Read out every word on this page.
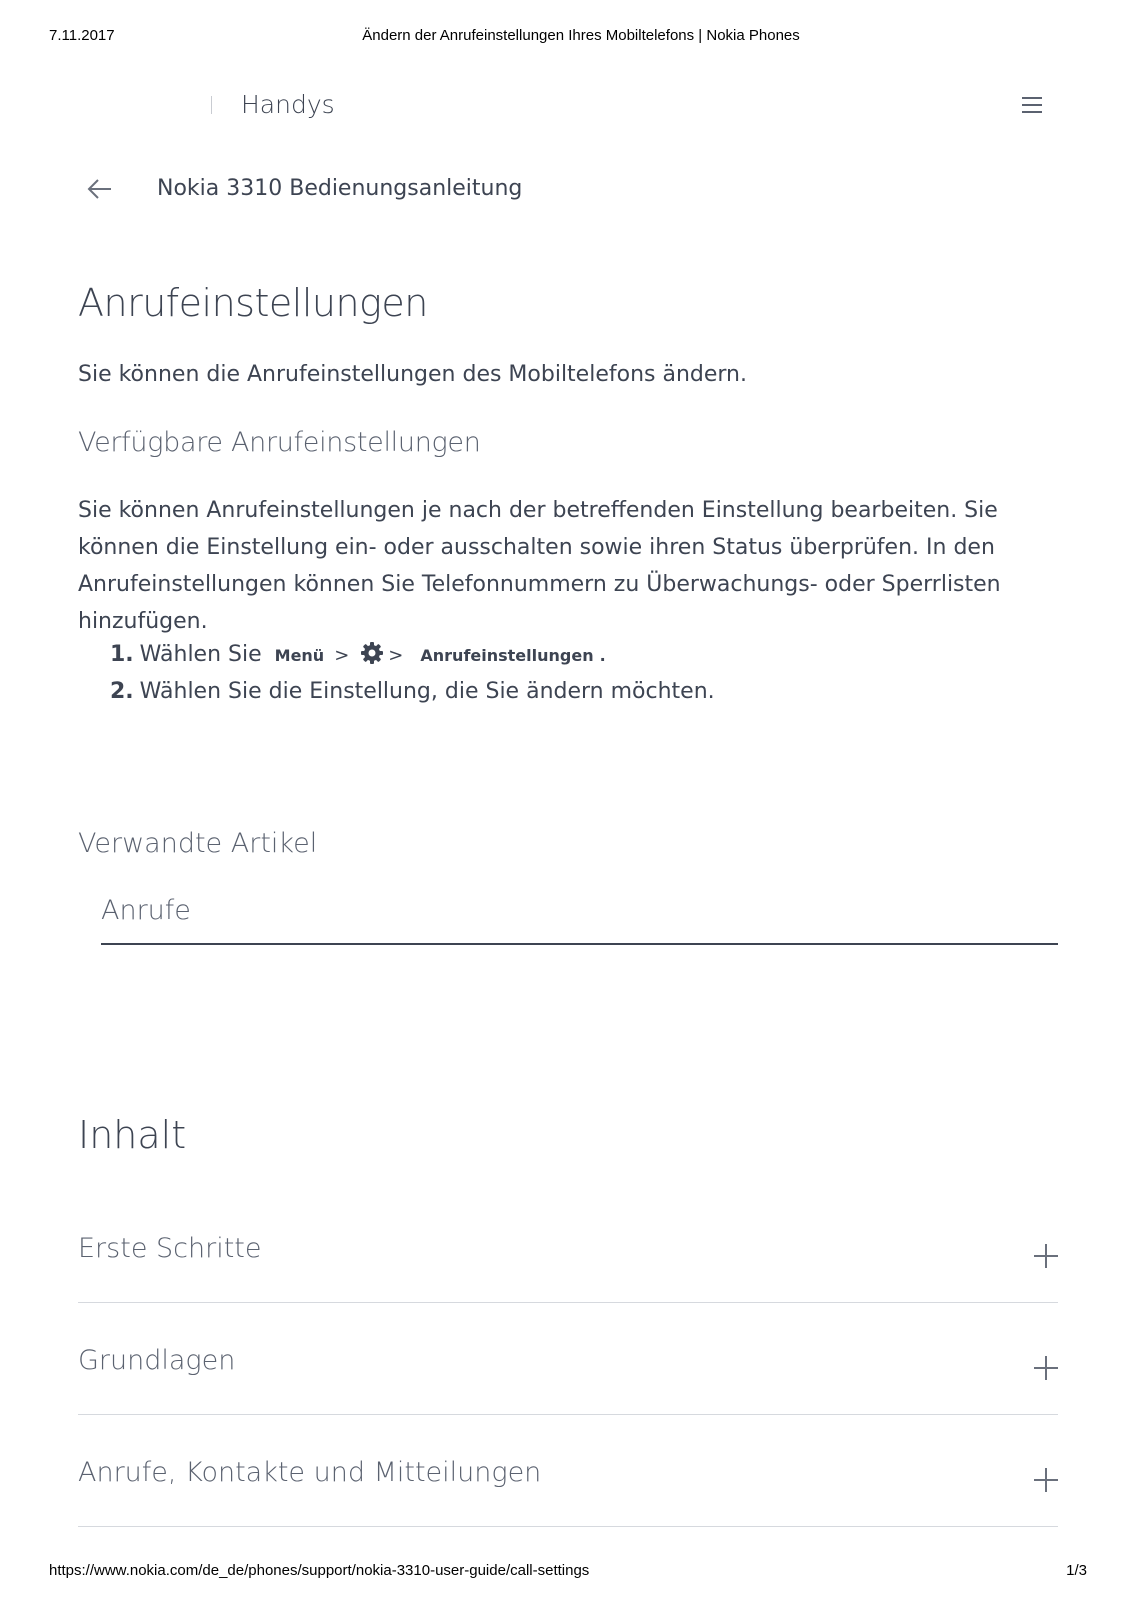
7.11.2017	Ändern der Anrufeinstellungen Ihres Mobiltelefons | Nokia Phones
Handys
Nokia 3310 Bedienungsanleitung
Anrufeinstellungen

Sie können die Anrufeinstellungen des Mobiltelefons ändern.

Verfügbare Anrufeinstellungen

Sie können Anrufeinstellungen je nach der betreffenden Einstellung bearbeiten. Sie können die Einstellung ein- oder ausschalten sowie ihren Status überprüfen. In den Anrufeinstellungen können Sie Telefonnummern zu Überwachungs- oder Sperrlisten hinzufügen.

1. Wählen Sie Menü > > Anrufeinstellungen .
2. Wählen Sie die Einstellung, die Sie ändern möchten.
Verwandte Artikel
Anrufe
Inhalt
Erste Schritte
Grundlagen
Anrufe, Kontakte und Mitteilungen
https://www.nokia.com/de_de/phones/support/nokia-3310-user-guide/call-settings	1/3
